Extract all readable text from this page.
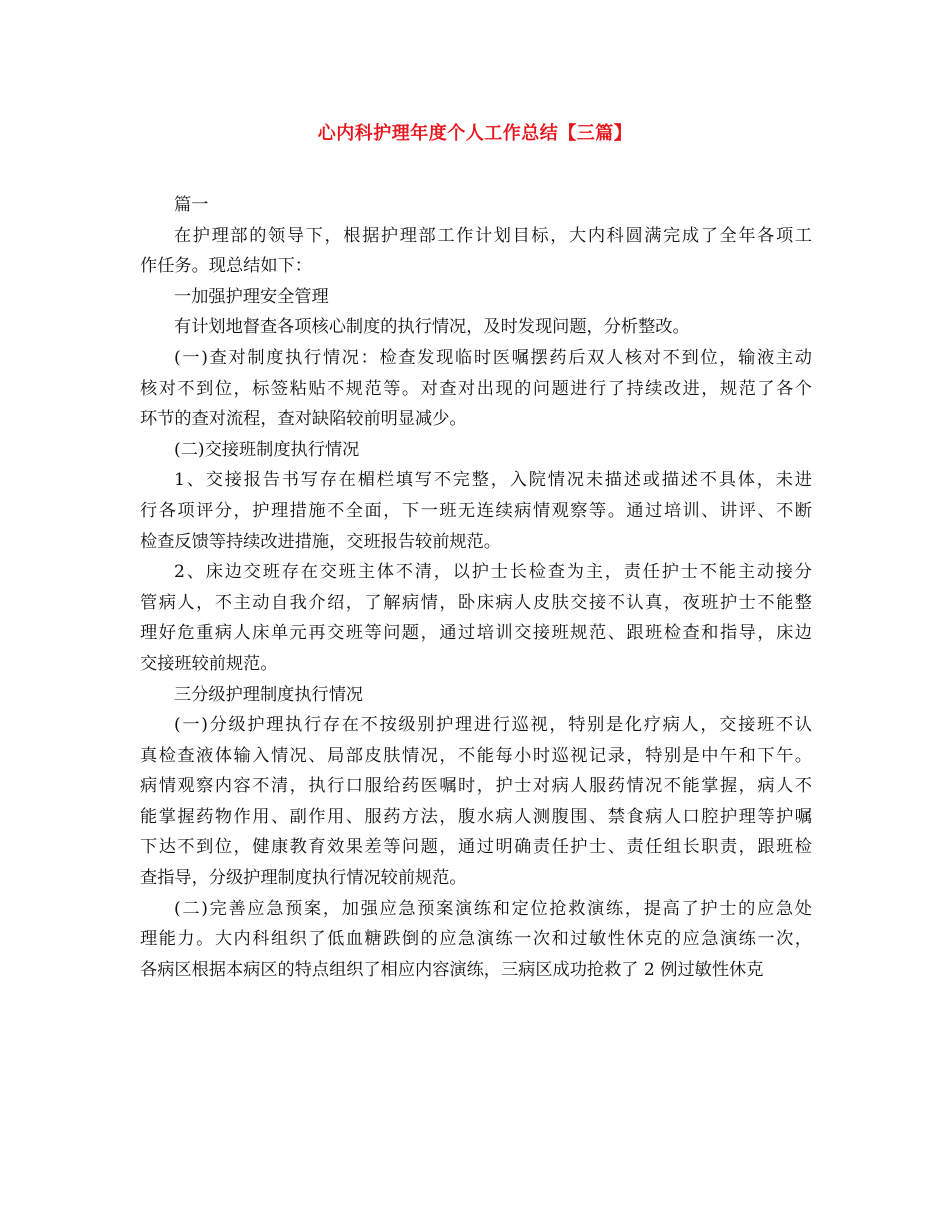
心内科护理年度个人工作总结【三篇】
篇一
在护理部的领导下，根据护理部工作计划目标，大内科圆满完成了全年各项工
作任务。现总结如下：
一加强护理安全管理
有计划地督查各项核心制度的执行情况，及时发现问题，分析整改。
(一)查对制度执行情况：检查发现临时医嘱摆药后双人核对不到位，输液主动
核对不到位，标签粘贴不规范等。对查对出现的问题进行了持续改进，规范了各个
环节的查对流程，查对缺陷较前明显减少。
(二)交接班制度执行情况
1、交接报告书写存在楣栏填写不完整，入院情况未描述或描述不具体，未进
行各项评分，护理措施不全面，下一班无连续病情观察等。通过培训、讲评、不断
检查反馈等持续改进措施，交班报告较前规范。
2、床边交班存在交班主体不清，以护士长检查为主，责任护士不能主动接分
管病人，不主动自我介绍，了解病情，卧床病人皮肤交接不认真，夜班护士不能整
理好危重病人床单元再交班等问题，通过培训交接班规范、跟班检查和指导，床边
交接班较前规范。
三分级护理制度执行情况
(一)分级护理执行存在不按级别护理进行巡视，特别是化疗病人，交接班不认
真检查液体输入情况、局部皮肤情况，不能每小时巡视记录，特别是中午和下午。
病情观察内容不清，执行口服给药医嘱时，护士对病人服药情况不能掌握，病人不
能掌握药物作用、副作用、服药方法，腹水病人测腹围、禁食病人口腔护理等护嘱
下达不到位，健康教育效果差等问题，通过明确责任护士、责任组长职责，跟班检
查指导，分级护理制度执行情况较前规范。
(二)完善应急预案，加强应急预案演练和定位抢救演练，提高了护士的应急处
理能力。大内科组织了低血糖跌倒的应急演练一次和过敏性休克的应急演练一次，
各病区根据本病区的特点组织了相应内容演练，三病区成功抢救了 2 例过敏性休克
